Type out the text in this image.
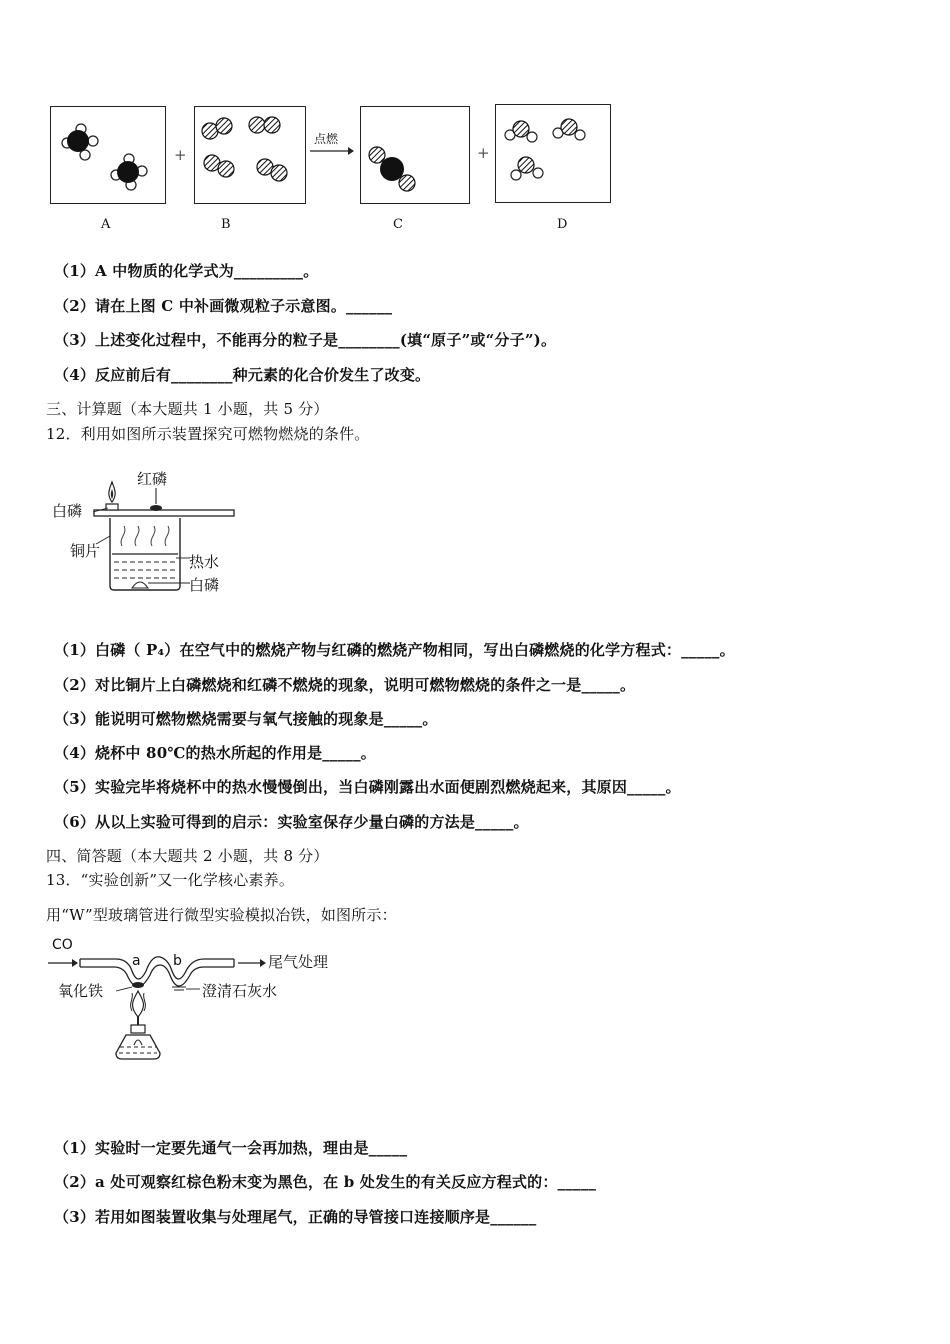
A
+
B
点燃
C
+
D
（1）A 中物质的化学式为_________。
（2）请在上图 C 中补画微观粒子示意图。______
（3）上述变化过程中，不能再分的粒子是________(填“原子”或“分子”)。
（4）反应前后有________种元素的化合价发生了改变。
三、计算题（本大题共 1 小题，共 5 分）
12．利用如图所示装置探究可燃物燃烧的条件。
红磷
白磷
铜片
热水
白磷
（1）白磷（ P₄）在空气中的燃烧产物与红磷的燃烧产物相同，写出白磷燃烧的化学方程式：_____。
（2）对比铜片上白磷燃烧和红磷不燃烧的现象，说明可燃物燃烧的条件之一是_____。
（3）能说明可燃物燃烧需要与氧气接触的现象是_____。
（4）烧杯中 80℃的热水所起的作用是_____。
（5）实验完毕将烧杯中的热水慢慢倒出，当白磷刚露出水面便剧烈燃烧起来，其原因_____。
（6）从以上实验可得到的启示：实验室保存少量白磷的方法是_____。
四、简答题（本大题共 2 小题，共 8 分）
13．“实验创新”又一化学核心素养。
用“W”型玻璃管进行微型实验模拟冶铁，如图所示：
CO
a b	尾气处理
氧化铁	澄清石灰水
（1）实验时一定要先通气一会再加热，理由是_____
（2）a 处可观察红棕色粉末变为黑色，在 b 处发生的有关反应方程式的：_____
（3）若用如图装置收集与处理尾气，正确的导管接口连接顺序是______
